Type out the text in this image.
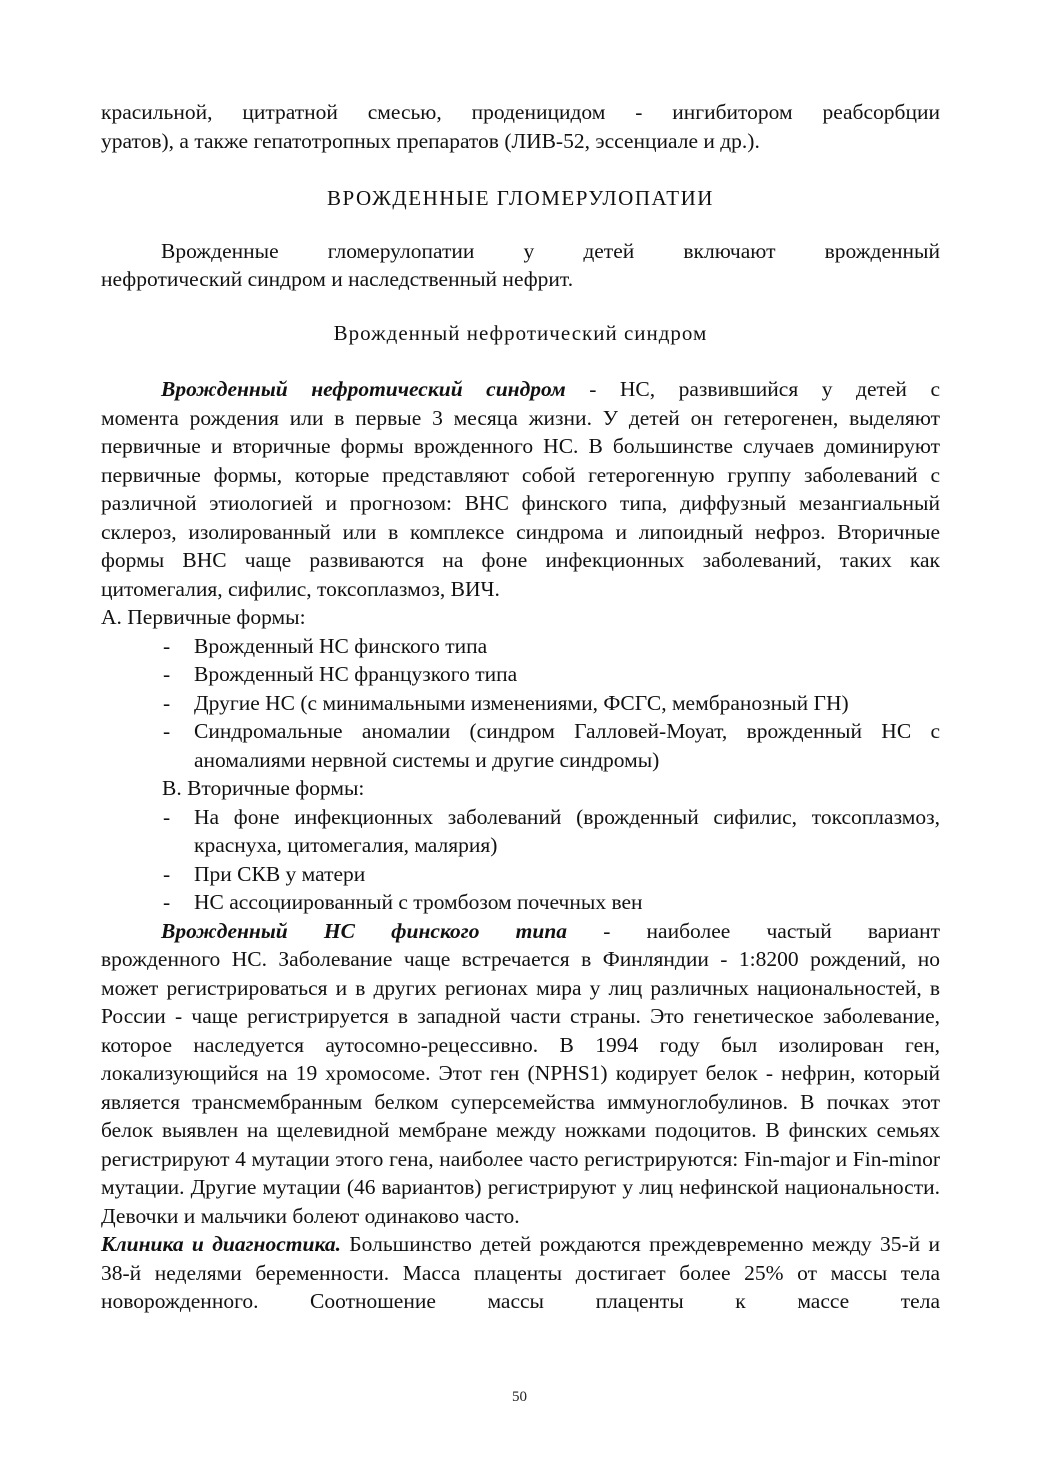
красильной, цитратной смесью, проденицидом - ингибитором реабсорбции

уратов), а также гепатотропных препаратов (ЛИВ-52, эссенциале и др.).

ВРОЖДЕННЫЕ ГЛОМЕРУЛОПАТИИ

Врожденные гломерулопатии у детей включают врожденный

нефротический синдром и наследственный нефрит.

Врожденный нефротический синдром

Врожденный нефротический синдром - НС, развившийся у детей с

момента рождения или в первые 3 месяца жизни. У детей он гетерогенен, выделяют первичные и вторичные формы врожденного НС. В большинстве случаев доминируют первичные формы, которые представляют собой гетерогенную группу заболеваний с различной этиологией и прогнозом: ВНС финского типа, диффузный мезангиальный склероз, изолированный или в комплексе синдрома и липоидный нефроз. Вторичные формы ВНС чаще развиваются на фоне инфекционных заболеваний, таких как цитомегалия, сифилис, токсоплазмоз, ВИЧ.

А. Первичные формы:

- Врожденный НС финского типа
- Врожденный НС французкого типа
- Другие НС (с минимальными изменениями, ФСГС, мембранозный ГН)
- Синдромальные аномалии (синдром Галловей-Моуат, врожденный НС с аномалиями нервной системы и другие синдромы)

В. Вторичные формы:

- На фоне инфекционных заболеваний (врожденный сифилис, токсоплазмоз, краснуха, цитомегалия, малярия)
- При СКВ у матери
- НС ассоциированный с тромбозом почечных вен

Врожденный НС финского типа - наиболее частый вариант

врожденного НС. Заболевание чаще встречается в Финляндии - 1:8200 рождений, но может регистрироваться и в других регионах мира у лиц различных национальностей, в России - чаще регистрируется в западной части страны. Это генетическое заболевание, которое наследуется аутосомно-рецессивно. В 1994 году был изолирован ген, локализующийся на 19 хромосоме. Этот ген (NPHS1) кодирует белок - нефрин, который является трансмембранным белком суперсемейства иммуноглобулинов. В почках этот белок выявлен на щелевидной мембране между ножками подоцитов. В финских семьях регистрируют 4 мутации этого гена, наиболее часто регистрируются: Fin-major и Fin-minor мутации. Другие мутации (46 вариантов) регистрируют у лиц нефинской национальности. Девочки и мальчики болеют одинаково часто.

Клиника и диагностика. Большинство детей рождаются преждевременно между 35-й и 38-й неделями беременности. Масса плаценты достигает более 25% от массы тела новорожденного. Соотношение массы плаценты к массе тела

50
